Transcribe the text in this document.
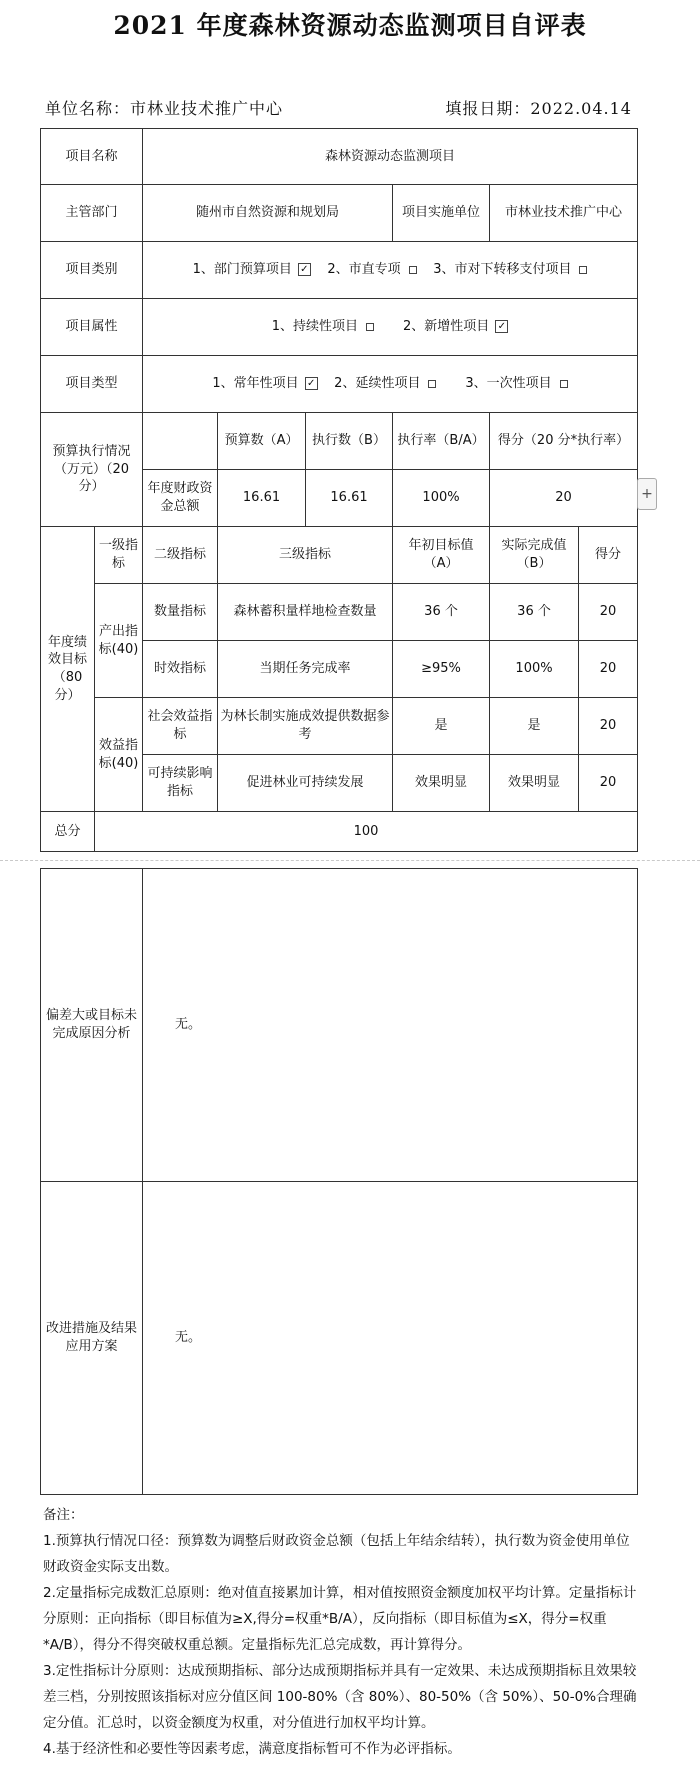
2021 年度森林资源动态监测项目自评表
单位名称：市林业技术推广中心	填报日期：2022.04.14
项目名称		森林资源动态监测项目					
主管部门		随州市自然资源和规划局			项目实施单位	市林业技术推广中心	
项目类别		1、部门预算项目 ✓ 2、市直专项 3、市对下转移支付项目					
项目属性		1、持续性项目 2、新增性项目 ✓					
项目类型		1、常年性项目 ✓ 2、延续性项目 3、一次性项目					
预算执行情况（万元）（20 分）			预算数（A）	执行数（B）	执行率（B/A）	得分（20 分*执行率）	
		年度财政资金总额	16.61	16.61	100%	20	
年度绩效目标（80 分）	一级指标	二级指标	三级指标		年初目标值（A）	实际完成值（B）	得分
	产出指标(40)	数量指标	森林蓄积量样地检查数量		36 个	36 个	20
		时效指标	当期任务完成率		≥95%	100%	20
	效益指标(40)	社会效益指标	为林长制实施成效提供数据参考		是	是	20
		可持续影响指标	促进林业可持续发展		效果明显	效果明显	20
总分	100						
+
偏差大或目标未完成原因分析	无。
改进措施及结果应用方案	无。

备注：

1.预算执行情况口径：预算数为调整后财政资金总额（包括上年结余结转），执行数为资金使用单位财政资金实际支出数。

2.定量指标完成数汇总原则：绝对值直接累加计算，相对值按照资金额度加权平均计算。定量指标计分原则：正向指标（即目标值为≥X,得分=权重*B/A），反向指标（即目标值为≤X，得分=权重*A/B），得分不得突破权重总额。定量指标先汇总完成数，再计算得分。

3.定性指标计分原则：达成预期指标、部分达成预期指标并具有一定效果、未达成预期指标且效果较差三档，分别按照该指标对应分值区间 100-80%（含 80%）、80-50%（含 50%）、50-0%合理确定分值。汇总时，以资金额度为权重，对分值进行加权平均计算。

4.基于经济性和必要性等因素考虑，满意度指标暂可不作为必评指标。
